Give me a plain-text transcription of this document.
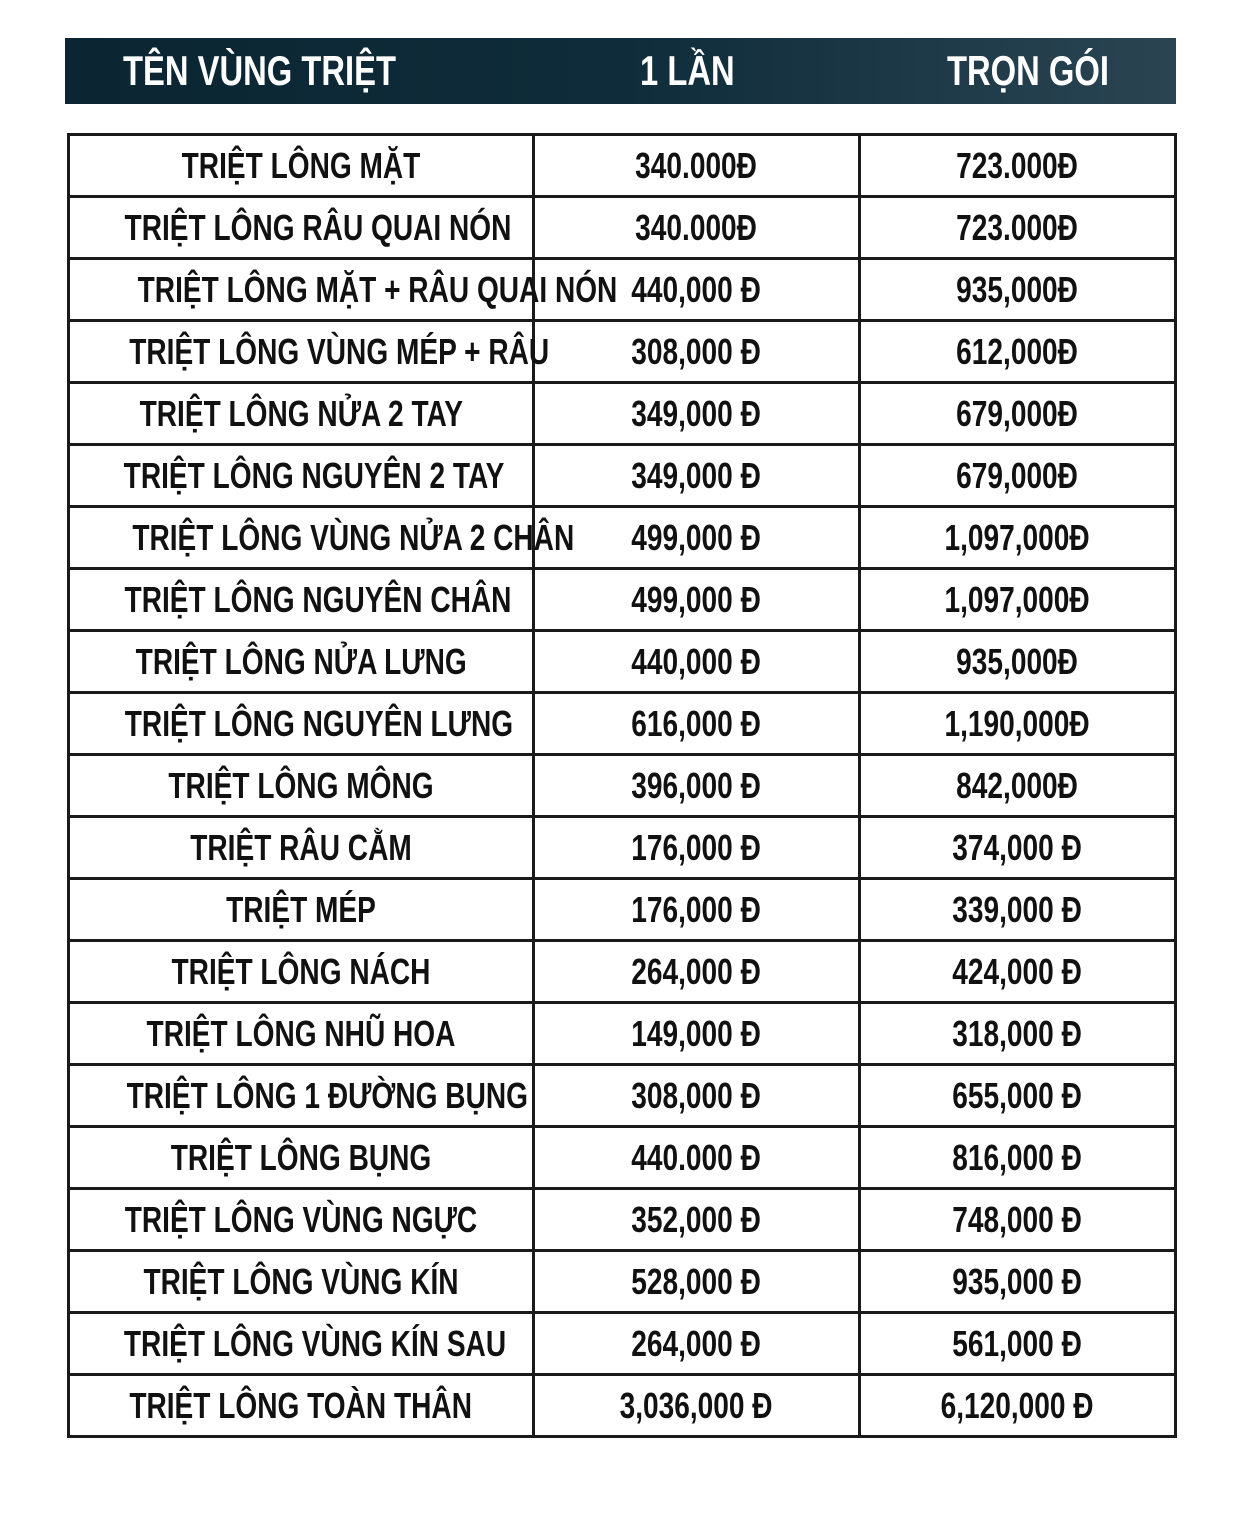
TÊN VÙNG TRIỆT	1 LẦN	TRỌN GÓI
TRIỆT LÔNG MẶT	340.000Đ	723.000Đ
TRIỆT LÔNG RÂU QUAI NÓN	340.000Đ	723.000Đ
TRIỆT LÔNG MẶT + RÂU QUAI NÓN	440,000 Đ	935,000Đ
TRIỆT LÔNG VÙNG MÉP + RÂU	308,000 Đ	612,000Đ
TRIỆT LÔNG NỬA 2 TAY	349,000 Đ	679,000Đ
TRIỆT LÔNG NGUYÊN 2 TAY	349,000 Đ	679,000Đ
TRIỆT LÔNG VÙNG NỬA 2 CHÂN	499,000 Đ	1,097,000Đ
TRIỆT LÔNG NGUYÊN CHÂN	499,000 Đ	1,097,000Đ
TRIỆT LÔNG NỬA LƯNG	440,000 Đ	935,000Đ
TRIỆT LÔNG NGUYÊN LƯNG	616,000 Đ	1,190,000Đ
TRIỆT LÔNG MÔNG	396,000 Đ	842,000Đ
TRIỆT RÂU CẰM	176,000 Đ	374,000 Đ
TRIỆT MÉP	176,000 Đ	339,000 Đ
TRIỆT LÔNG NÁCH	264,000 Đ	424,000 Đ
TRIỆT LÔNG NHŨ HOA	149,000 Đ	318,000 Đ
TRIỆT LÔNG 1 ĐƯỜNG BỤNG	308,000 Đ	655,000 Đ
TRIỆT LÔNG BỤNG	440.000 Đ	816,000 Đ
TRIỆT LÔNG VÙNG NGỰC	352,000 Đ	748,000 Đ
TRIỆT LÔNG VÙNG KÍN	528,000 Đ	935,000 Đ
TRIỆT LÔNG VÙNG KÍN SAU	264,000 Đ	561,000 Đ
TRIỆT LÔNG TOÀN THÂN	3,036,000 Đ	6,120,000 Đ
